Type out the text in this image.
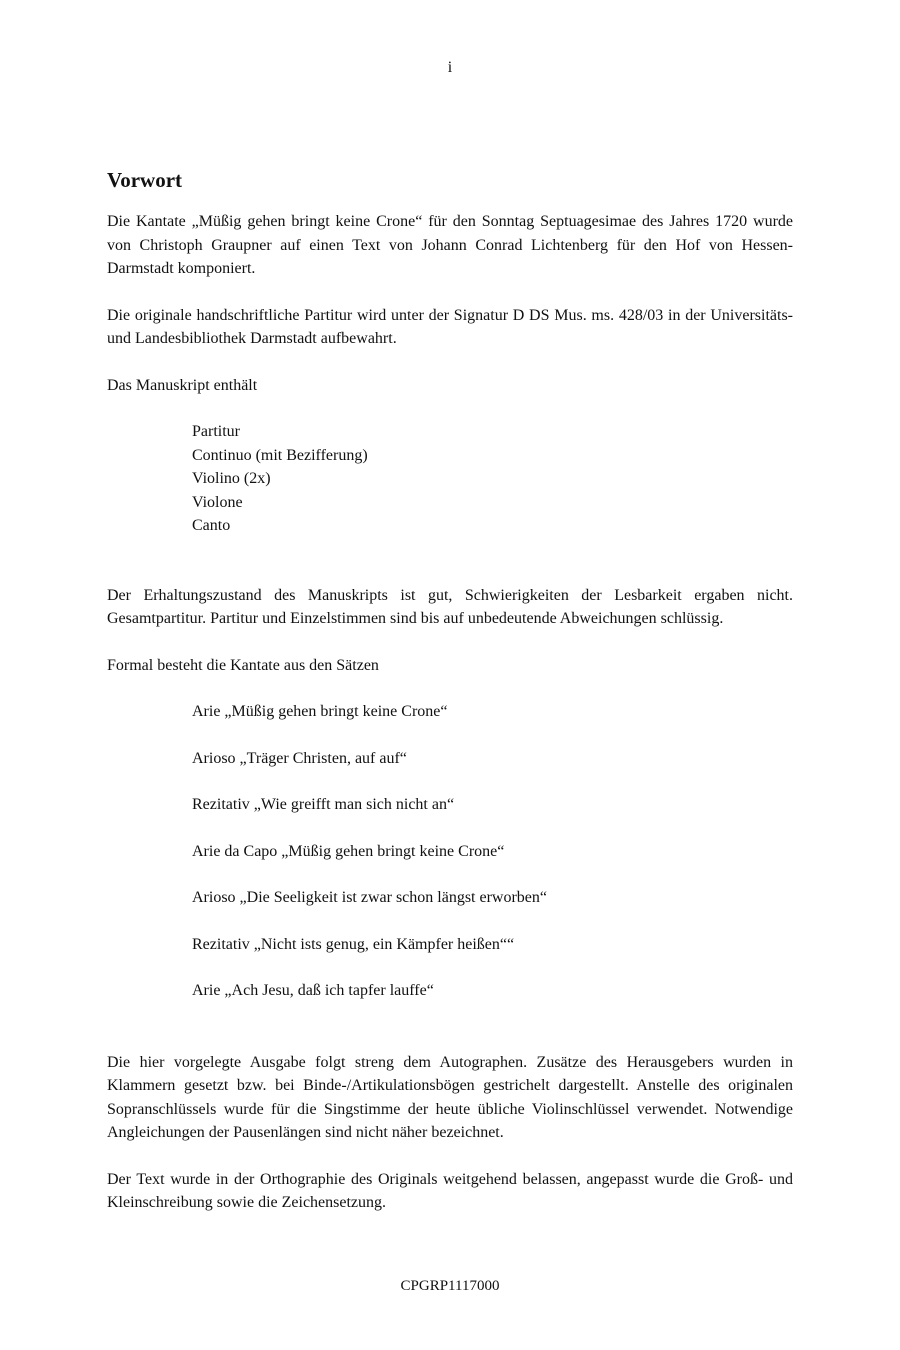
i
Vorwort

Die Kantate „Müßig gehen bringt keine Crone“ für den Sonntag Septuagesimae des Jahres 1720 wurde von Christoph Graupner auf einen Text von Johann Conrad Lichtenberg für den Hof von Hessen-Darmstadt komponiert.

Die originale handschriftliche Partitur wird unter der Signatur D DS Mus. ms. 428/03 in der Universitäts- und Landesbibliothek Darmstadt aufbewahrt.

Das Manuskript enthält

Partitur
Continuo (mit Bezifferung)
Violino (2x)
Violone
Canto

Der Erhaltungszustand des Manuskripts ist gut, Schwierigkeiten der Lesbarkeit ergaben nicht. Gesamtpartitur. Partitur und Einzelstimmen sind bis auf unbedeutende Abweichungen schlüssig.

Formal besteht die Kantate aus den Sätzen

Arie „Müßig gehen bringt keine Crone“
Arioso „Träger Christen, auf auf“
Rezitativ „Wie greifft man sich nicht an“
Arie da Capo „Müßig gehen bringt keine Crone“
Arioso „Die Seeligkeit ist zwar schon längst erworben“
Rezitativ „Nicht ists genug, ein Kämpfer heißen““
Arie „Ach Jesu, daß ich tapfer lauffe“

Die hier vorgelegte Ausgabe folgt streng dem Autographen. Zusätze des Herausgebers wurden in Klammern gesetzt bzw. bei Binde-/Artikulationsbögen gestrichelt dargestellt. Anstelle des originalen Sopranschlüssels wurde für die Singstimme der heute übliche Violinschlüssel verwendet. Notwendige Angleichungen der Pausenlängen sind nicht näher bezeichnet.

Der Text wurde in der Orthographie des Originals weitgehend belassen, angepasst wurde die Groß- und Kleinschreibung sowie die Zeichensetzung.

CPGRP1117000
